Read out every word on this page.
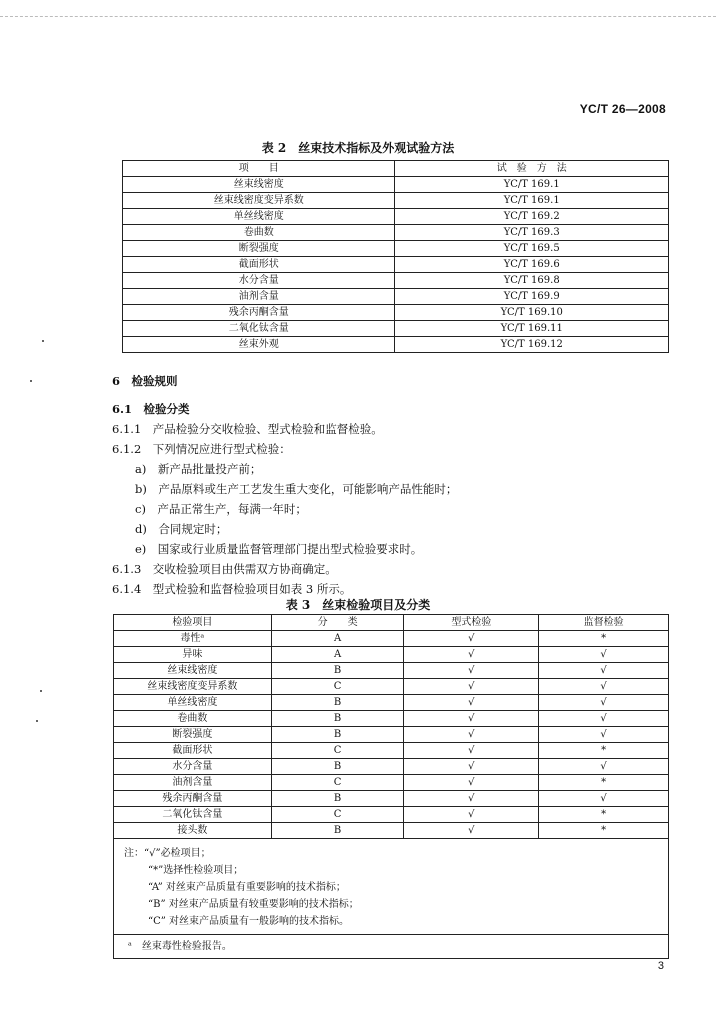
YC/T 26—2008
表 2　丝束技术指标及外观试验方法
项　　目	试　验　方　法
丝束线密度	YC/T 169.1
丝束线密度变异系数	YC/T 169.1
单丝线密度	YC/T 169.2
卷曲数	YC/T 169.3
断裂强度	YC/T 169.5
截面形状	YC/T 169.6
水分含量	YC/T 169.8
油剂含量	YC/T 169.9
残余丙酮含量	YC/T 169.10
二氧化钛含量	YC/T 169.11
丝束外观	YC/T 169.12
6　检验规则
6.1　检验分类
6.1.1　产品检验分交收检验、型式检验和监督检验。
6.1.2　下列情况应进行型式检验：
a)　新产品批量投产前；
b)　产品原料或生产工艺发生重大变化，可能影响产品性能时；
c)　产品正常生产，每满一年时；
d)　合同规定时；
e)　国家或行业质量监督管理部门提出型式检验要求时。
6.1.3　交收检验项目由供需双方协商确定。
6.1.4　型式检验和监督检验项目如表 3 所示。
表 3　丝束检验项目及分类
检验项目	分　　类	型式检验	监督检验
毒性ᵃ	A	√	*
异味	A	√	√
丝束线密度	B	√	√
丝束线密度变异系数	C	√	√
单丝线密度	B	√	√
卷曲数	B	√	√
断裂强度	B	√	√
截面形状	C	√	*
水分含量	B	√	√
油剂含量	C	√	*
残余丙酮含量	B	√	√
二氧化钛含量	C	√	*
接头数	B	√	*

注：“√”必检项目；
“*”选择性检验项目；
“A” 对丝束产品质量有重要影响的技术指标；
“B” 对丝束产品质量有较重要影响的技术指标；
“C” 对丝束产品质量有一般影响的技术指标。			

ᵃ　丝束毒性检验报告。			
3
